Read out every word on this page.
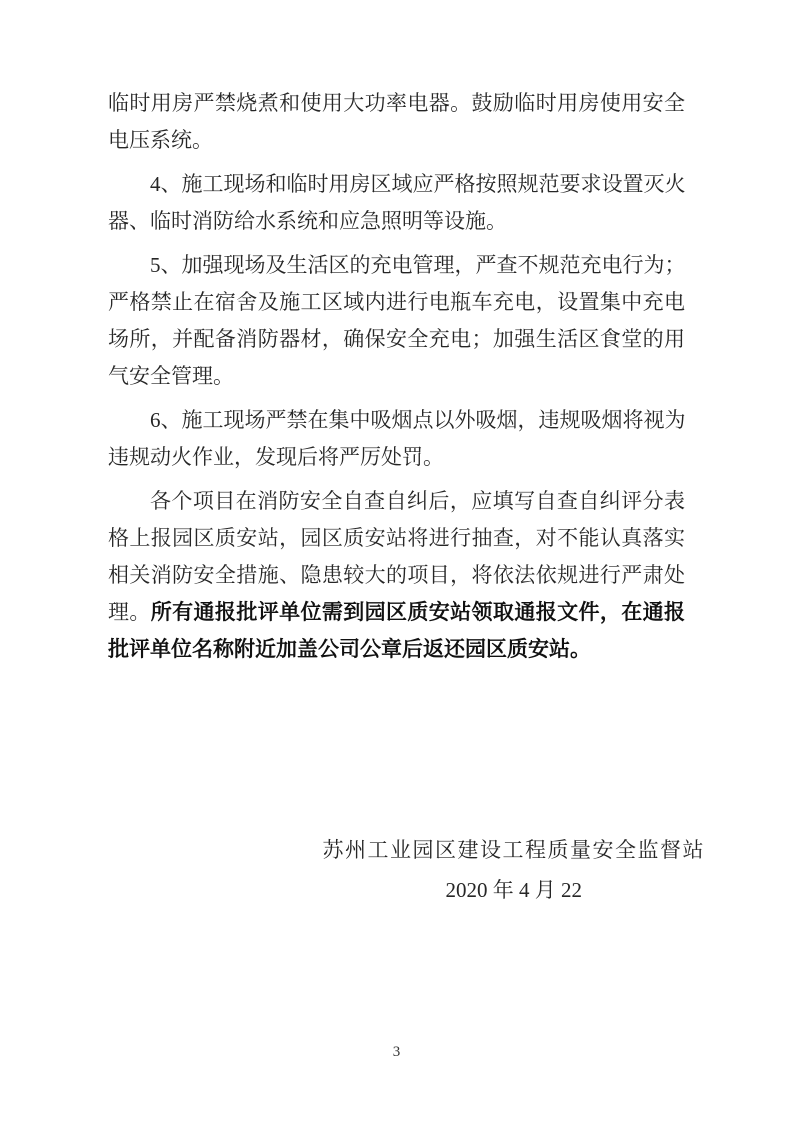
临时用房严禁烧煮和使用大功率电器。鼓励临时用房使用安全
电压系统。
4、施工现场和临时用房区域应严格按照规范要求设置灭火
器、临时消防给水系统和应急照明等设施。
5、加强现场及生活区的充电管理，严查不规范充电行为；
严格禁止在宿舍及施工区域内进行电瓶车充电，设置集中充电
场所，并配备消防器材，确保安全充电；加强生活区食堂的用
气安全管理。
6、施工现场严禁在集中吸烟点以外吸烟，违规吸烟将视为
违规动火作业，发现后将严厉处罚。
各个项目在消防安全自查自纠后，应填写自查自纠评分表
格上报园区质安站，园区质安站将进行抽查，对不能认真落实
相关消防安全措施、隐患较大的项目，将依法依规进行严肃处
理。所有通报批评单位需到园区质安站领取通报文件，在通报
批评单位名称附近加盖公司公章后返还园区质安站。
苏州工业园区建设工程质量安全监督站
2020 年 4 月 22
3
